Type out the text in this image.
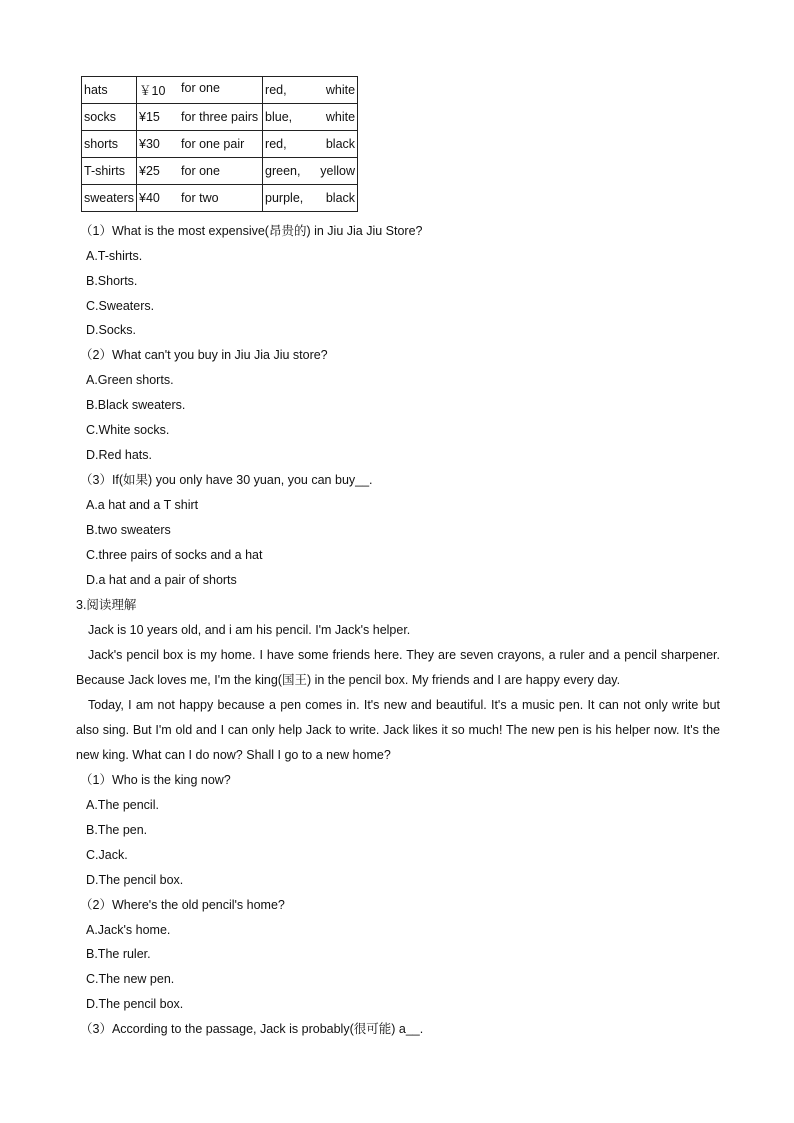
hats	￥10 for one	red, white

socks	¥15 for three pairs	blue, white

shorts	¥30 for one pair	red, black

T-shirts	¥25 for one	green, yellow

sweaters	¥40 for two	purple, black
（1）What is the most expensive(昂贵的) in Jiu Jia Jiu Store?
A.T-shirts.
B.Shorts.
C.Sweaters.
D.Socks.
（2）What can't you buy in Jiu Jia Jiu store?
A.Green shorts.
B.Black sweaters.
C.White socks.
D.Red hats.
（3）If(如果) you only have 30 yuan, you can buy__.
A.a hat and a T shirt
B.two sweaters
C.three pairs of socks and a hat
D.a hat and a pair of shorts
3.阅读理解
Jack is 10 years old, and i am his pencil. I'm Jack's helper.
Jack's pencil box is my home. I have some friends here. They are seven crayons, a ruler and a pencil sharpener. Because Jack loves me, I'm the king(国王) in the pencil box. My friends and I are happy every day.
Today, I am not happy because a pen comes in. It's new and beautiful. It's a music pen. It can not only write but also sing. But I'm old and I can only help Jack to write. Jack likes it so much! The new pen is his helper now. It's the new king. What can I do now? Shall I go to a new home?
（1）Who is the king now?
A.The pencil.
B.The pen.
C.Jack.
D.The pencil box.
（2）Where's the old pencil's home?
A.Jack's home.
B.The ruler.
C.The new pen.
D.The pencil box.
（3）According to the passage, Jack is probably(很可能) a__.
